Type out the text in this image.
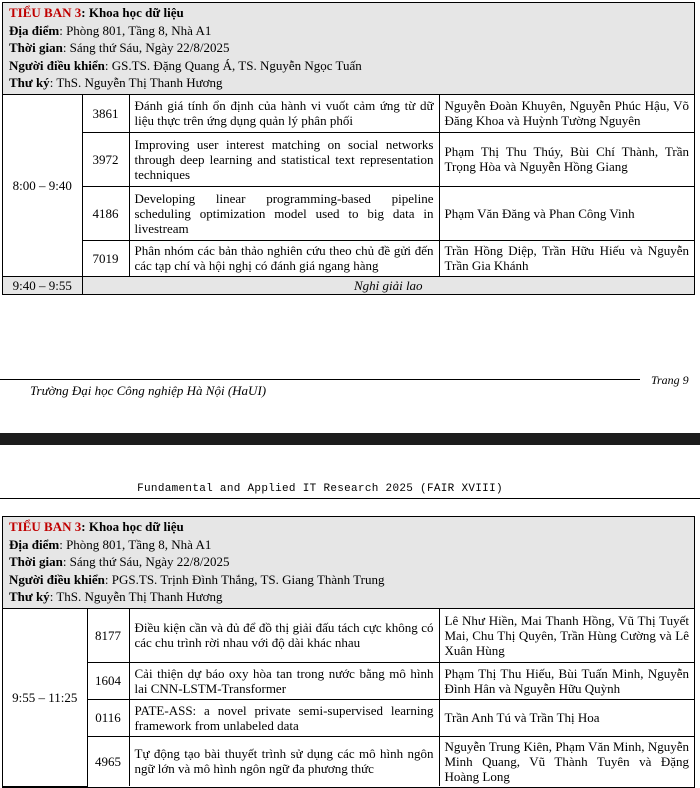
TIỂU BAN 3: Khoa học dữ liệu
Địa điểm: Phòng 801, Tầng 8, Nhà A1
Thời gian: Sáng thứ Sáu, Ngày 22/8/2025
Người điều khiển: GS.TS. Đặng Quang Á, TS. Nguyễn Ngọc Tuấn
Thư ký: ThS. Nguyễn Thị Thanh Hương
8:00 – 9:40	3861	Đánh giá tính ổn định của hành vi vuốt cảm ứng từ dữ liệu thực trên ứng dụng quản lý phân phối	Nguyễn Đoàn Khuyên, Nguyễn Phúc Hậu, Võ Đăng Khoa và Huỳnh Tường Nguyên
	3972	Improving user interest matching on social networks through deep learning and statistical text representation techniques	Phạm Thị Thu Thúy, Bùi Chí Thành, Trần Trọng Hòa và Nguyễn Hồng Giang
	4186	Developing linear programming-based pipeline scheduling optimization model used to big data in livestream	Phạm Văn Đăng và Phan Công Vinh
	7019	Phân nhóm các bản thảo nghiên cứu theo chủ đề gửi đến các tạp chí và hội nghị có đánh giá ngang hàng	Trần Hồng Diệp, Trần Hữu Hiếu và Nguyễn Trần Gia Khánh
9:40 – 9:55	Nghỉ giải lao		
Trang 9
Trường Đại học Công nghiệp Hà Nội (HaUI)
Fundamental and Applied IT Research 2025 (FAIR XVIII)
TIỂU BAN 3: Khoa học dữ liệu
Địa điểm: Phòng 801, Tầng 8, Nhà A1
Thời gian: Sáng thứ Sáu, Ngày 22/8/2025
Người điều khiển: PGS.TS. Trịnh Đình Thắng, TS. Giang Thành Trung
Thư ký: ThS. Nguyễn Thị Thanh Hương
9:55 – 11:25	8177	Điều kiện cần và đủ để đồ thị giải đấu tách cực không có các chu trình rời nhau với độ dài khác nhau	Lê Như Hiền, Mai Thanh Hồng, Vũ Thị Tuyết Mai, Chu Thị Quyên, Trần Hùng Cường và Lê Xuân Hùng
	1604	Cải thiện dự báo oxy hòa tan trong nước bằng mô hình lai CNN-LSTM-Transformer	Phạm Thị Thu Hiếu, Bùi Tuấn Minh, Nguyễn Đình Hân và Nguyễn Hữu Quỳnh
	0116	PATE-ASS: a novel private semi-supervised learning framework from unlabeled data	Trần Anh Tú và Trần Thị Hoa
	4965	Tự động tạo bài thuyết trình sử dụng các mô hình ngôn ngữ lớn và mô hình ngôn ngữ đa phương thức	Nguyễn Trung Kiên, Phạm Văn Minh, Nguyễn Minh Quang, Vũ Thành Tuyên và Đặng Hoàng Long
